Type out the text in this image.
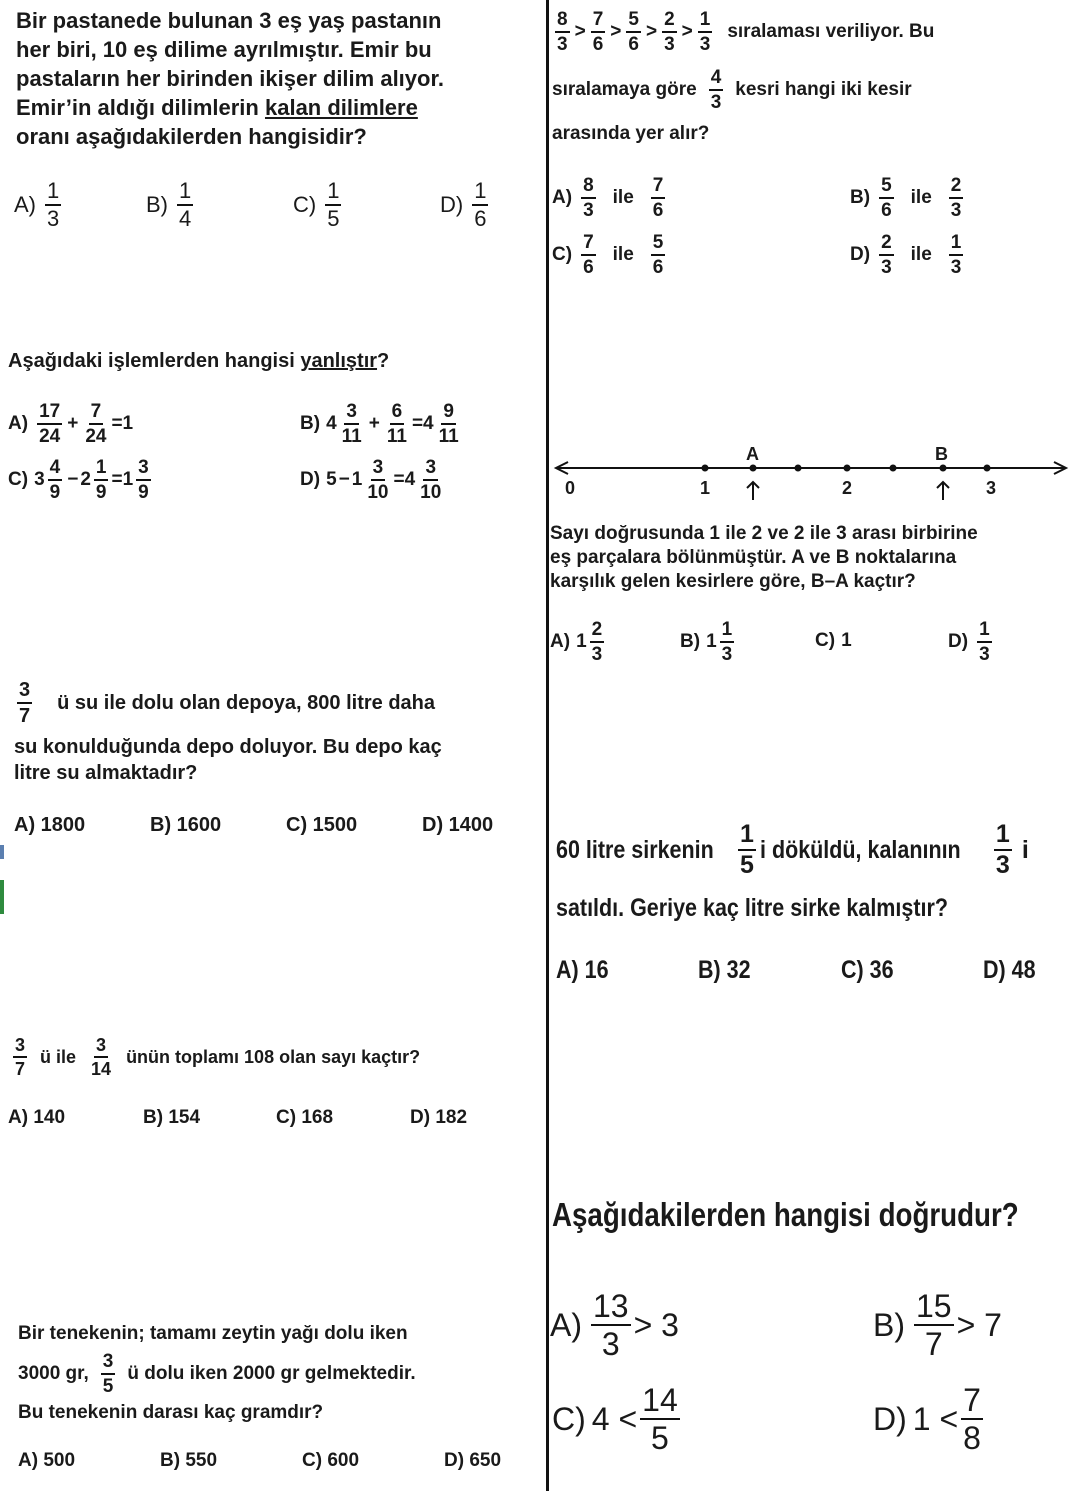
Bir pastanede bulunan 3 eş yaş pastanın
her biri, 10 eş dilime ayrılmıştır. Emir bu
pastaların her birinden ikişer dilim alıyor.
Emir’in aldığı dilimlerin kalan dilimlere
oranı aşağıdakilerden hangisidir?
$A) \frac{1}{3}$	$B) \frac{1}{4}$	$C) \frac{1}{5}$	$D) \frac{1}{6}$
Aşağıdaki işlemlerden hangisi yanlıştır?
$A) \frac{17}{24} + \frac{7}{24} =1$	B) $4 \frac{3}{11} + \frac{6}{11} = 4 \frac{9}{11}$
C) $3 \frac{4}{9} - 2 \frac{1}{9} = 1 \frac{3}{9}$	D) $5 - 1 \frac{3}{10} = 4 \frac{3}{10}$
$\frac{3}{7}$ ü su ile dolu olan depoya, 800 litre daha
su konulduğunda depo doluyor. Bu depo kaç
litre su almaktadır?
A) 1800	B) 1600	C) 1500	D) 1400
$\frac{3}{7}$ ü ile $\frac{3}{14}$ ünün toplamı 108 olan sayı kaçtır?
A) 140	B) 154	C) 168	D) 182
Bir tenekenin; tamamı zeytin yağı dolu iken
3000 gr, $\frac{3}{5}$ ü dolu iken 2000 gr gelmektedir.
Bu tenekenin darası kaç gramdır?
A) 500	B) 550	C) 600	D) 650
$\frac{8}{3} > \frac{7}{6} > \frac{5}{6} > \frac{2}{3} > \frac{1}{3}$ sıralaması veriliyor. Bu
sıralamaya göre $\frac{4}{3}$ kesri hangi iki kesir
arasında yer alır?
$A) \frac{8}{3}$ ile $\frac{7}{6}$	$B) \frac{5}{6}$ ile $\frac{2}{3}$
$C) \frac{7}{6}$ ile $\frac{5}{6}$	$D) \frac{2}{3}$ ile $\frac{1}{3}$
A	B
0	1	2	3
Sayı doğrusunda 1 ile 2 ve 2 ile 3 arası birbirine
eş parçalara bölünmüştür. A ve B noktalarına
karşılık gelen kesirlere göre, B–A kaçtır?
A) $1 \frac{2}{3}$	B) $1 \frac{1}{3}$	C) 1	$D) \frac{1}{3}$
60 litre sirkenin $\frac{1}{5}$ i döküldü, kalanının $\frac{1}{3}$ i
satıldı. Geriye kaç litre sirke kalmıştır?
A) 16	B) 32	C) 36	D) 48
Aşağıdakilerden hangisi doğrudur?
$A) \frac{13}{3} > 3$	$B) \frac{15}{7} > 7$
C) $4 < \frac{14}{5}$	D) $1 < \frac{7}{8}$
